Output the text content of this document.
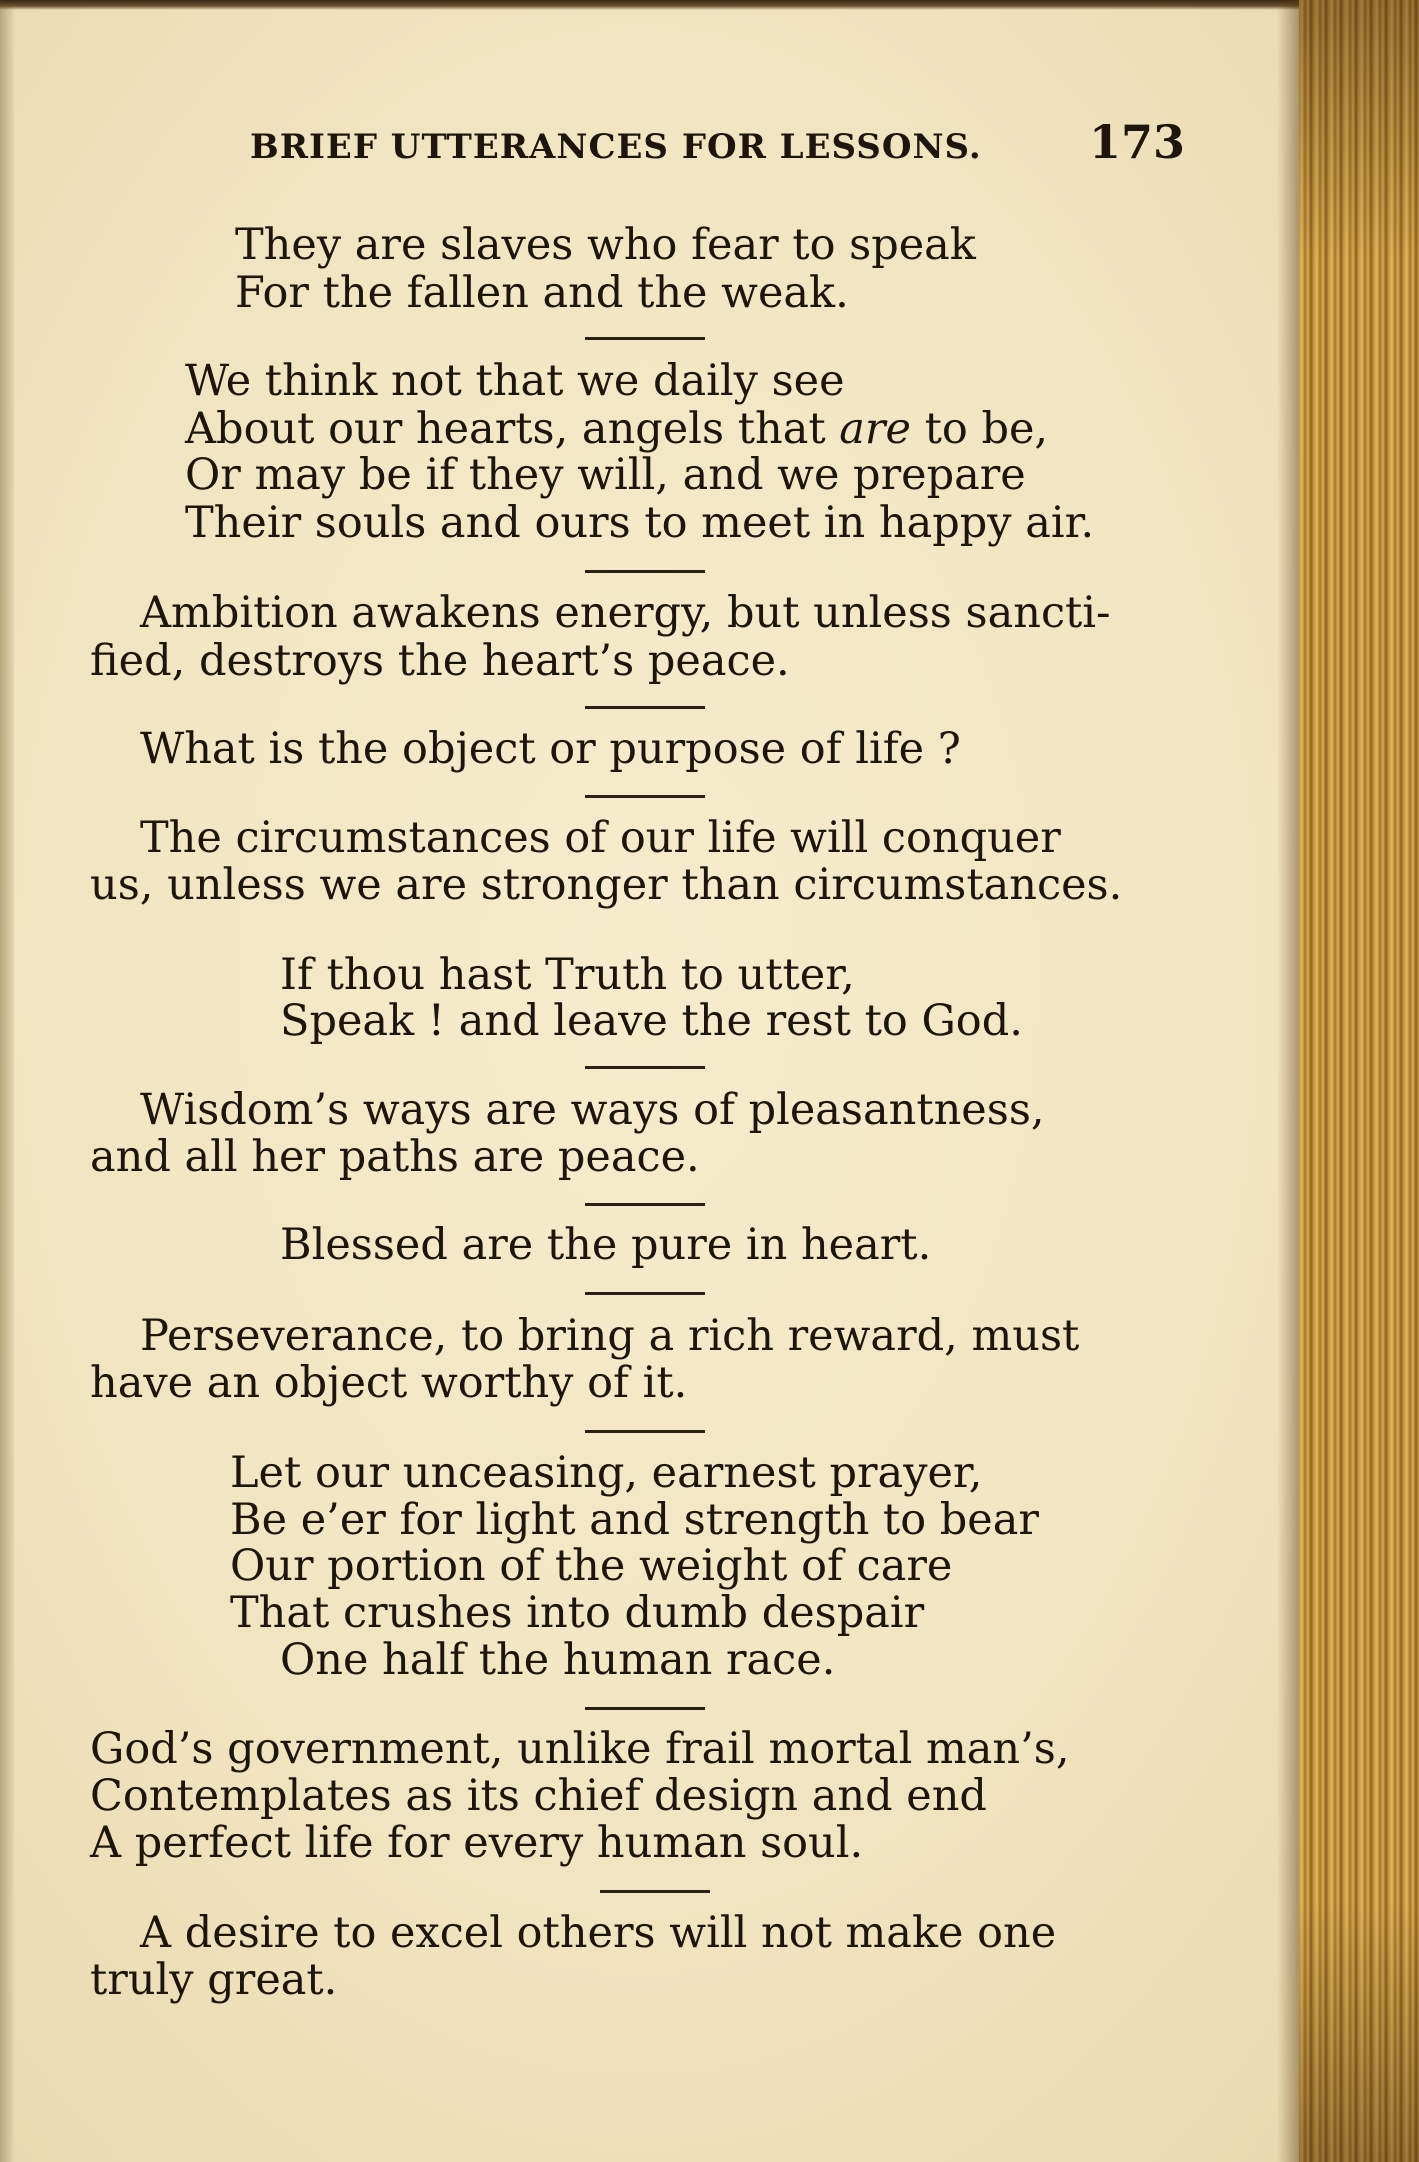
BRIEF UTTERANCES FOR LESSONS. 173
They are slaves who fear to speak
For the fallen and the weak.
We think not that we daily see
About our hearts, angels that are to be,
Or may be if they will, and we prepare
Their souls and ours to meet in happy air.
Ambition awakens energy, but unless sancti-
fied, destroys the heart’s peace.
What is the object or purpose of life ?
The circumstances of our life will conquer
us, unless we are stronger than circumstances.
If thou hast Truth to utter,
Speak ! and leave the rest to God.
Wisdom’s ways are ways of pleasantness,
and all her paths are peace.
Blessed are the pure in heart.
Perseverance, to bring a rich reward, must
have an object worthy of it.
Let our unceasing, earnest prayer,
Be e’er for light and strength to bear
Our portion of the weight of care
That crushes into dumb despair
One half the human race.
God’s government, unlike frail mortal man’s,
Contemplates as its chief design and end
A perfect life for every human soul.
A desire to excel others will not make one
truly great.
